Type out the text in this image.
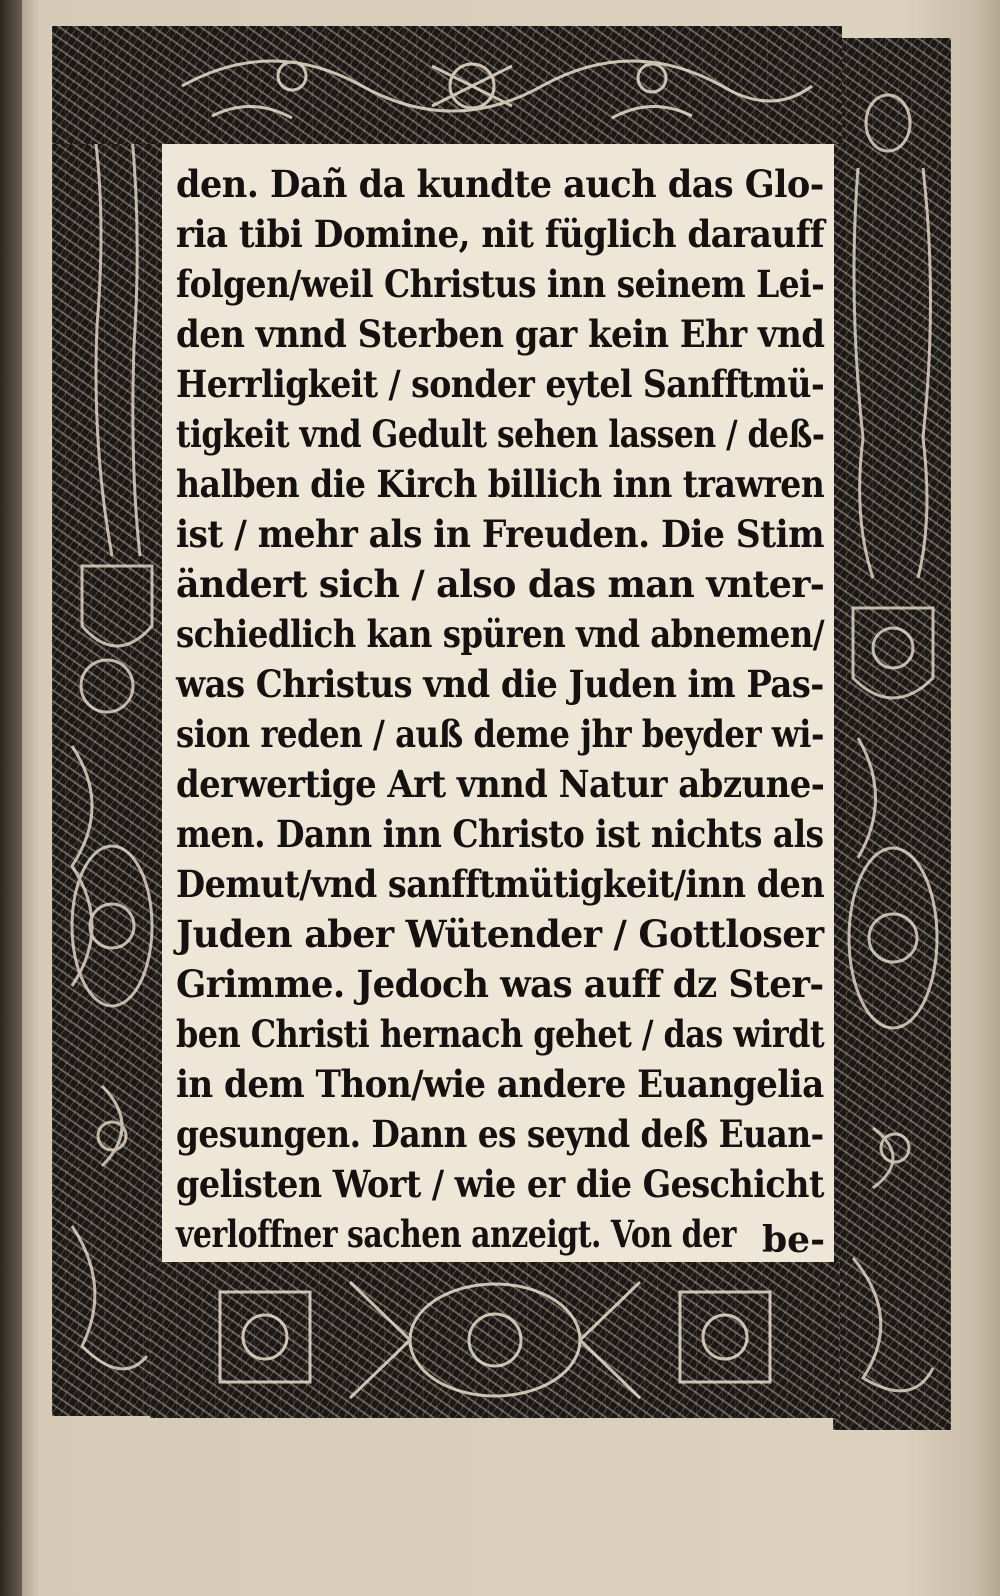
den. Dañ da kundte auch das Glo-
ria tibi Domine, nit füglich darauff
folgen/weil Christus inn seinem Lei-
den vnnd Sterben gar kein Ehr vnd
Herrligkeit / sonder eytel Sanfftmü-
tigkeit vnd Gedult sehen lassen / deß-
halben die Kirch billich inn trawren
ist / mehr als in Freuden. Die Stim
ändert sich / also das man vnter-
schiedlich kan spüren vnd abnemen/
was Christus vnd die Juden im Pas-
sion reden / auß deme jhr beyder wi-
derwertige Art vnnd Natur abzune-
men. Dann inn Christo ist nichts als
Demut/vnd sanfftmütigkeit/inn den
Juden aber Wütender / Gottloser
Grimme. Jedoch was auff dz Ster-
ben Christi hernach gehet / das wirdt
in dem Thon/wie andere Euangelia
gesungen. Dann es seynd deß Euan-
gelisten Wort / wie er die Geschicht
verloffner sachen anzeigt. Von der be-
